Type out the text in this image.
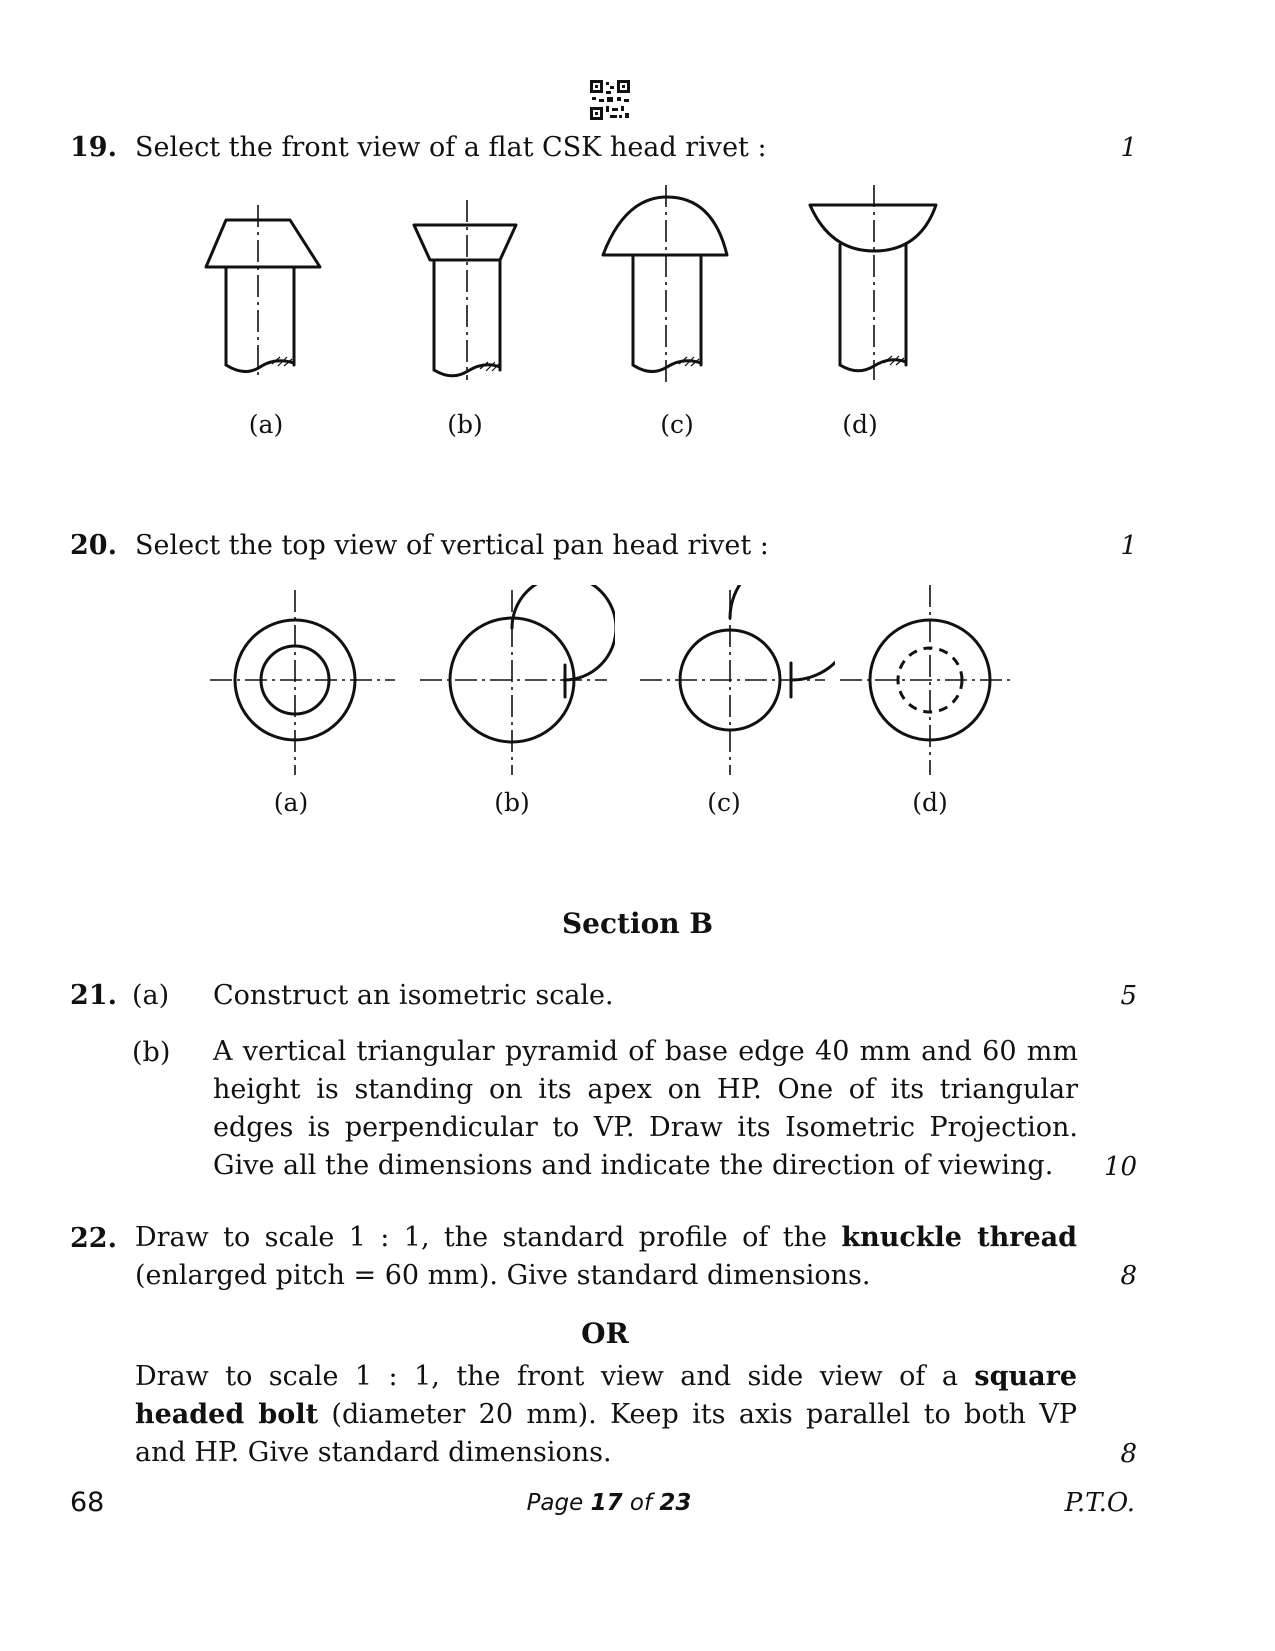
19. Select the front view of a flat CSK head rivet :	1
(a)	(b)	(c)	(d)
20. Select the top view of vertical pan head rivet :	1
(a)	(b)	(c)	(d)
Section B
21. (a) Construct an isometric scale.	5
(b) A vertical triangular pyramid of base edge 40 mm and 60 mm height is standing on its apex on HP. One of its triangular edges is perpendicular to VP. Draw its Isometric Projection. Give all the dimensions and indicate the direction of viewing.	10
22. Draw to scale 1 : 1, the standard profile of the knuckle thread (enlarged pitch = 60 mm). Give standard dimensions.	8
OR
Draw to scale 1 : 1, the front view and side view of a square headed bolt (diameter 20 mm). Keep its axis parallel to both VP and HP. Give standard dimensions.	8
68	Page 17 of 23	P.T.O.
